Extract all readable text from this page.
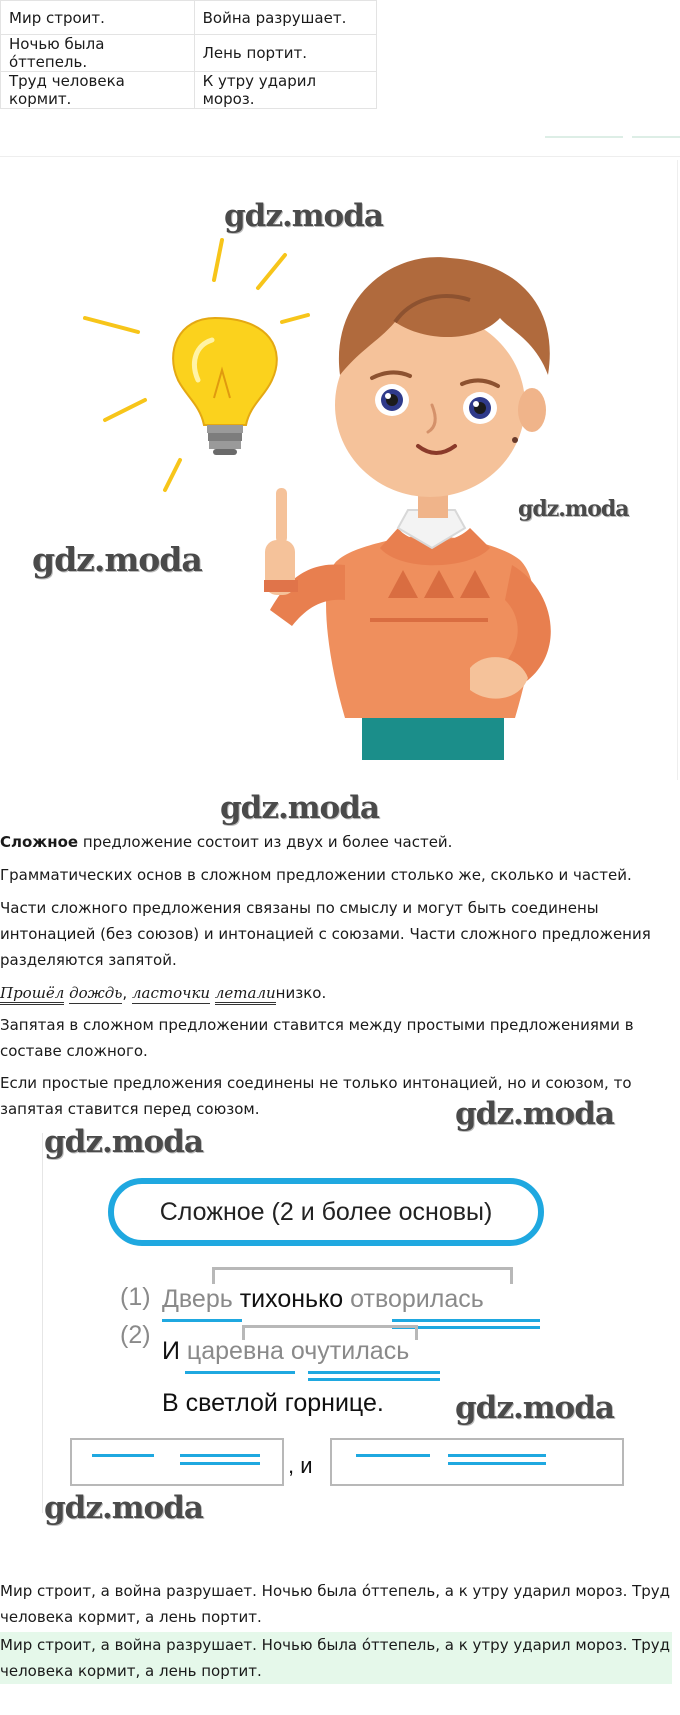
Мир строит.	Война разрушает.
Ночью была о́ттепель.	Лень портит.
Труд человека кормит.	К утру ударил мороз.
gdz.moda
gdz.moda
gdz.moda
gdz.moda
Сложное предложение состоит из двух и более частей.
Грамматических основ в сложном предложении столько же, сколько и частей.
Части сложного предложения связаны по смыслу и могут быть соединены интонацией (без союзов) и интонацией с союзами. Части сложного предложения разделяются запятой.
Прошёл дождь, ласточки леталинизко.
Запятая в сложном предложении ставится между простыми предложениями в составе сложного.
Если простые предложения соединены не только интонацией, но и союзом, то запятая ставится перед союзом.
Сложное (2 и более основы)
(1) Дверь тихонько отворилась
(2)
И царевна очутилась
В светлой горнице.
, и
gdz.moda
gdz.moda
gdz.moda
gdz.moda
Мир строит, а война разрушает. Ночью была о́ттепель, а к утру ударил мороз. Труд человека кормит, а лень портит.
Мир строит, а война разрушает. Ночью была о́ттепель, а к утру ударил мороз. Труд человека кормит, а лень портит.
